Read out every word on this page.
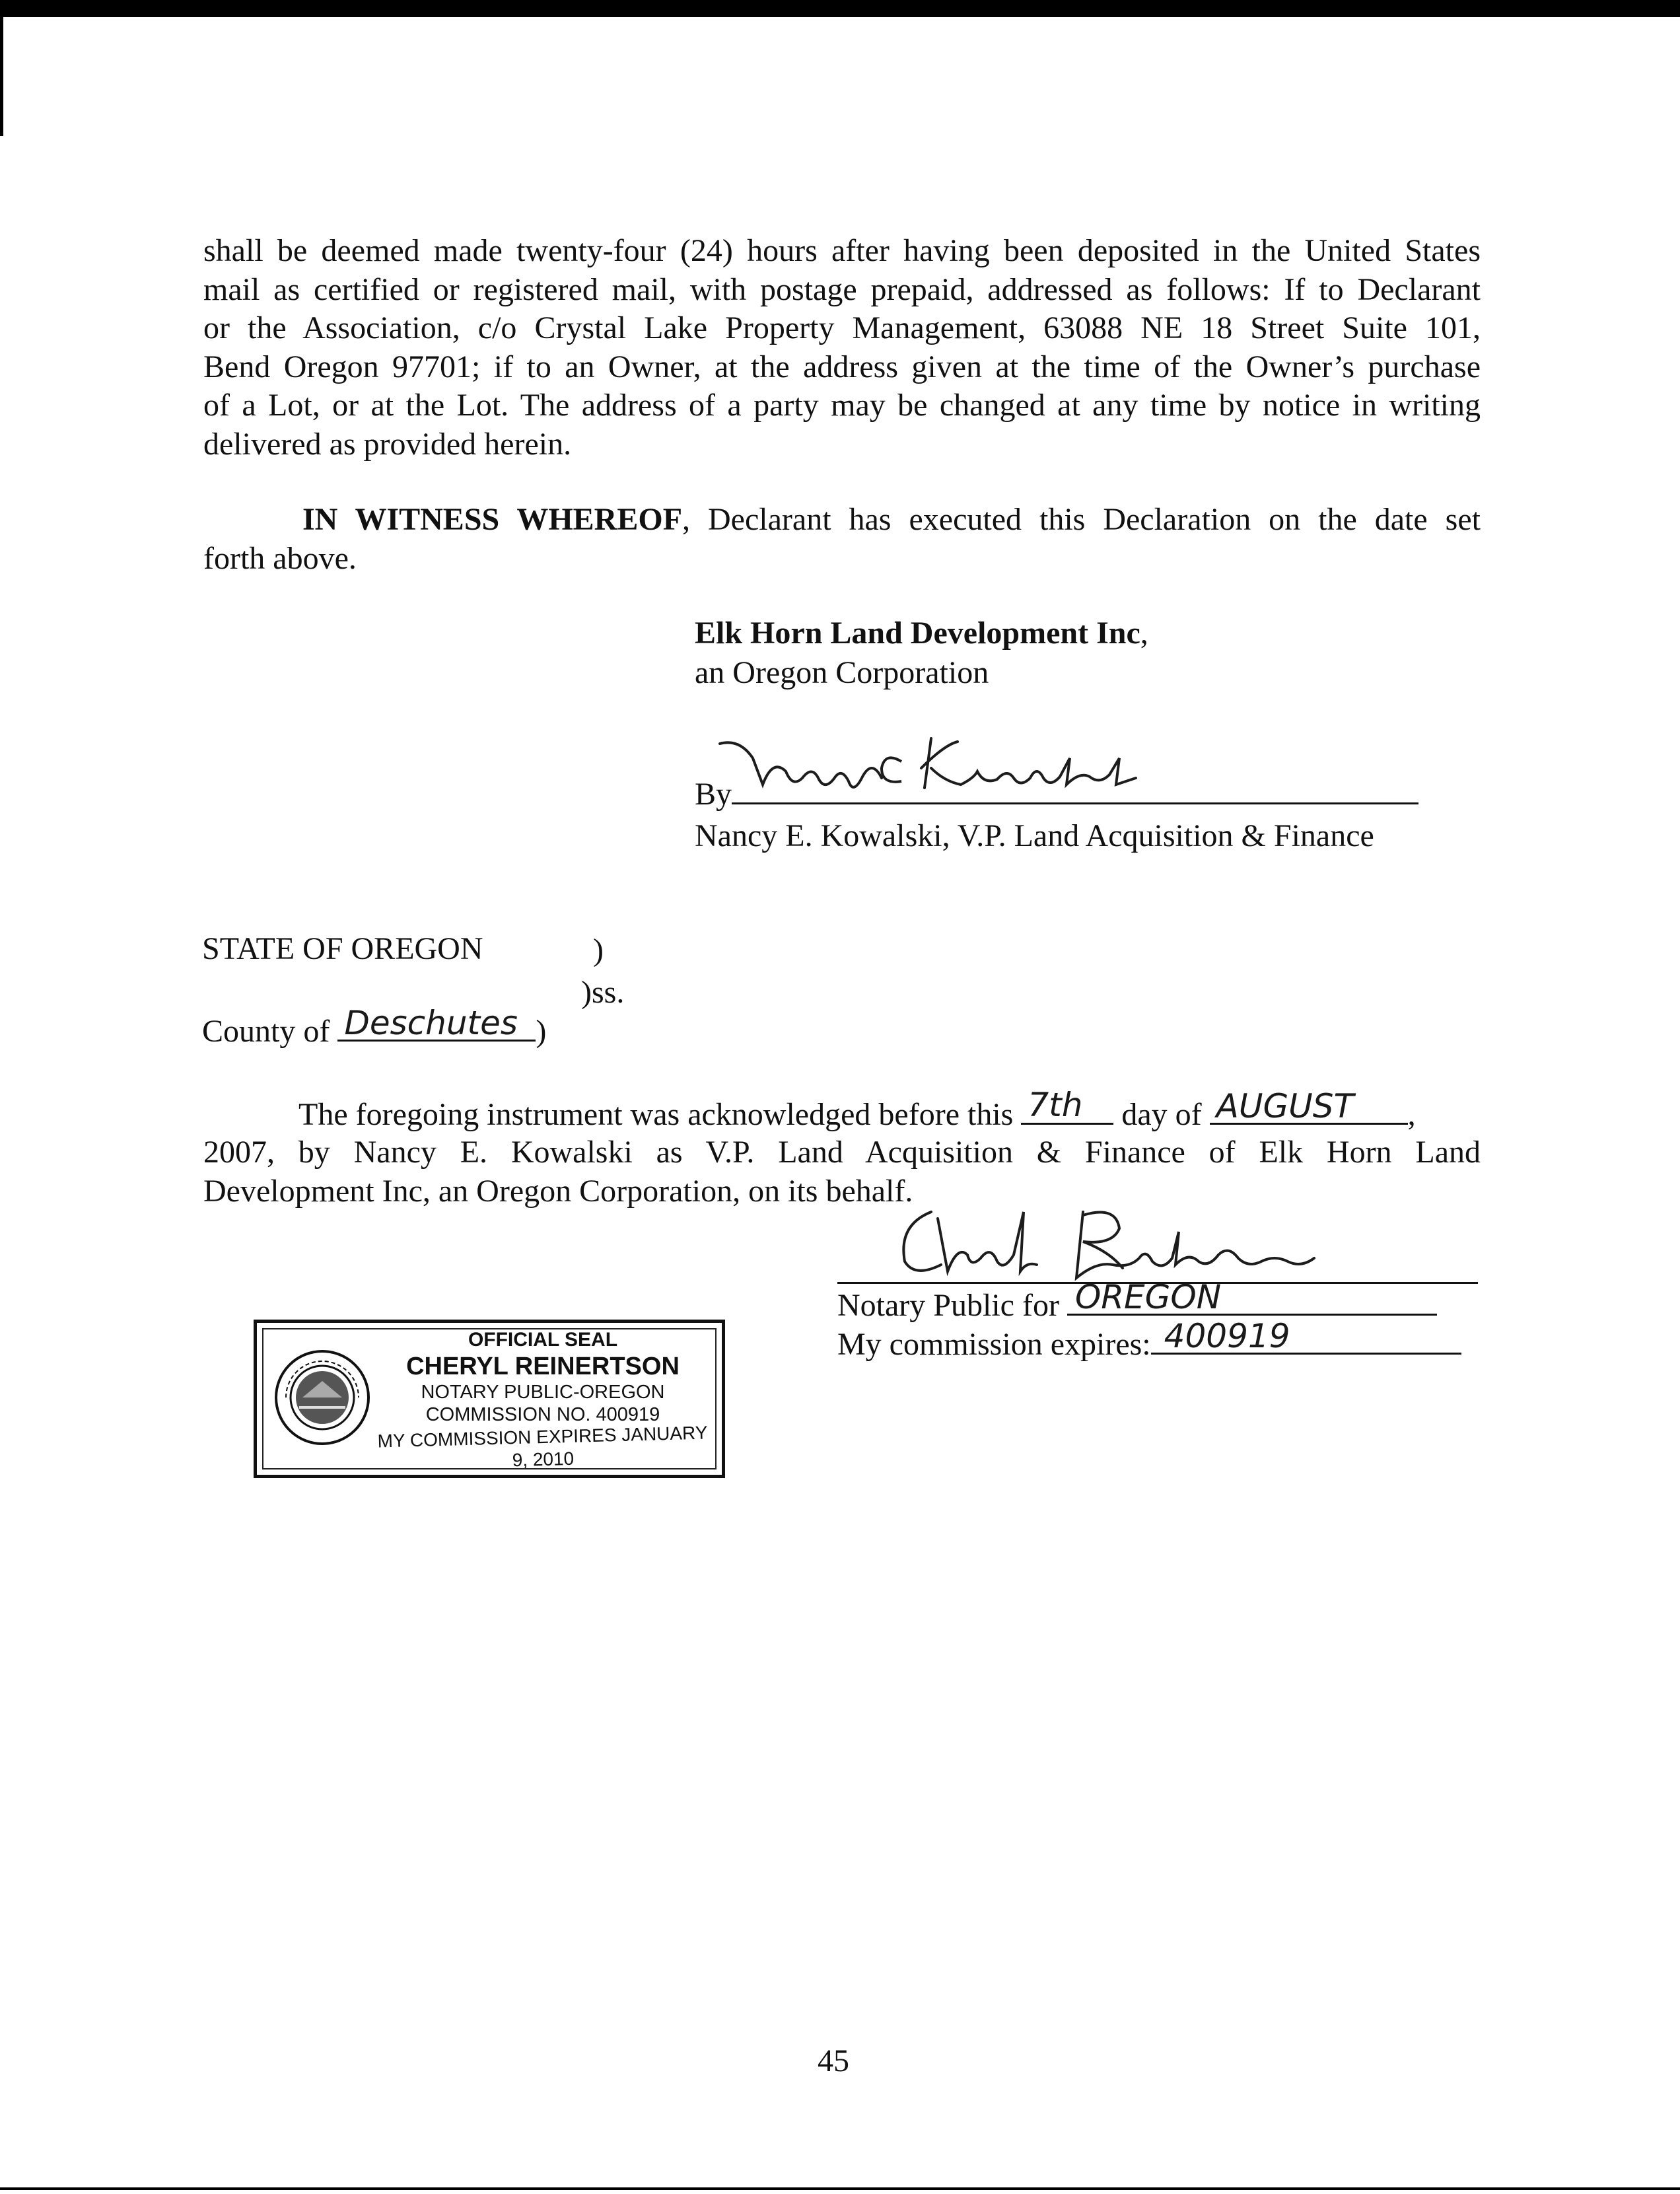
shall be deemed made twenty-four (24) hours after having been deposited in the United States
mail as certified or registered mail, with postage prepaid, addressed as follows: If to Declarant
or the Association, c/o Crystal Lake Property Management, 63088 NE 18 Street Suite 101,
Bend Oregon 97701; if to an Owner, at the address given at the time of the Owner’s purchase
of a Lot, or at the Lot. The address of a party may be changed at any time by notice in writing
delivered as provided herein.
IN WITNESS WHEREOF, Declarant has executed this Declaration on the date set
forth above.
Elk Horn Land Development Inc,
an Oregon Corporation
By
Nancy E. Kowalski, V.P. Land Acquisition & Finance
STATE OF OREGON	)
)ss.
County of Deschutes )
The foregoing instrument was acknowledged before this 7th day of AUGUST ,
2007, by Nancy E. Kowalski as V.P. Land Acquisition & Finance of Elk Horn Land
Development Inc, an Oregon Corporation, on its behalf.
Notary Public for OREGON
My commission expires: 400919
OFFICIAL SEAL
CHERYL REINERTSON
NOTARY PUBLIC-OREGON
COMMISSION NO. 400919
MY COMMISSION EXPIRES JANUARY 9, 2010
45
